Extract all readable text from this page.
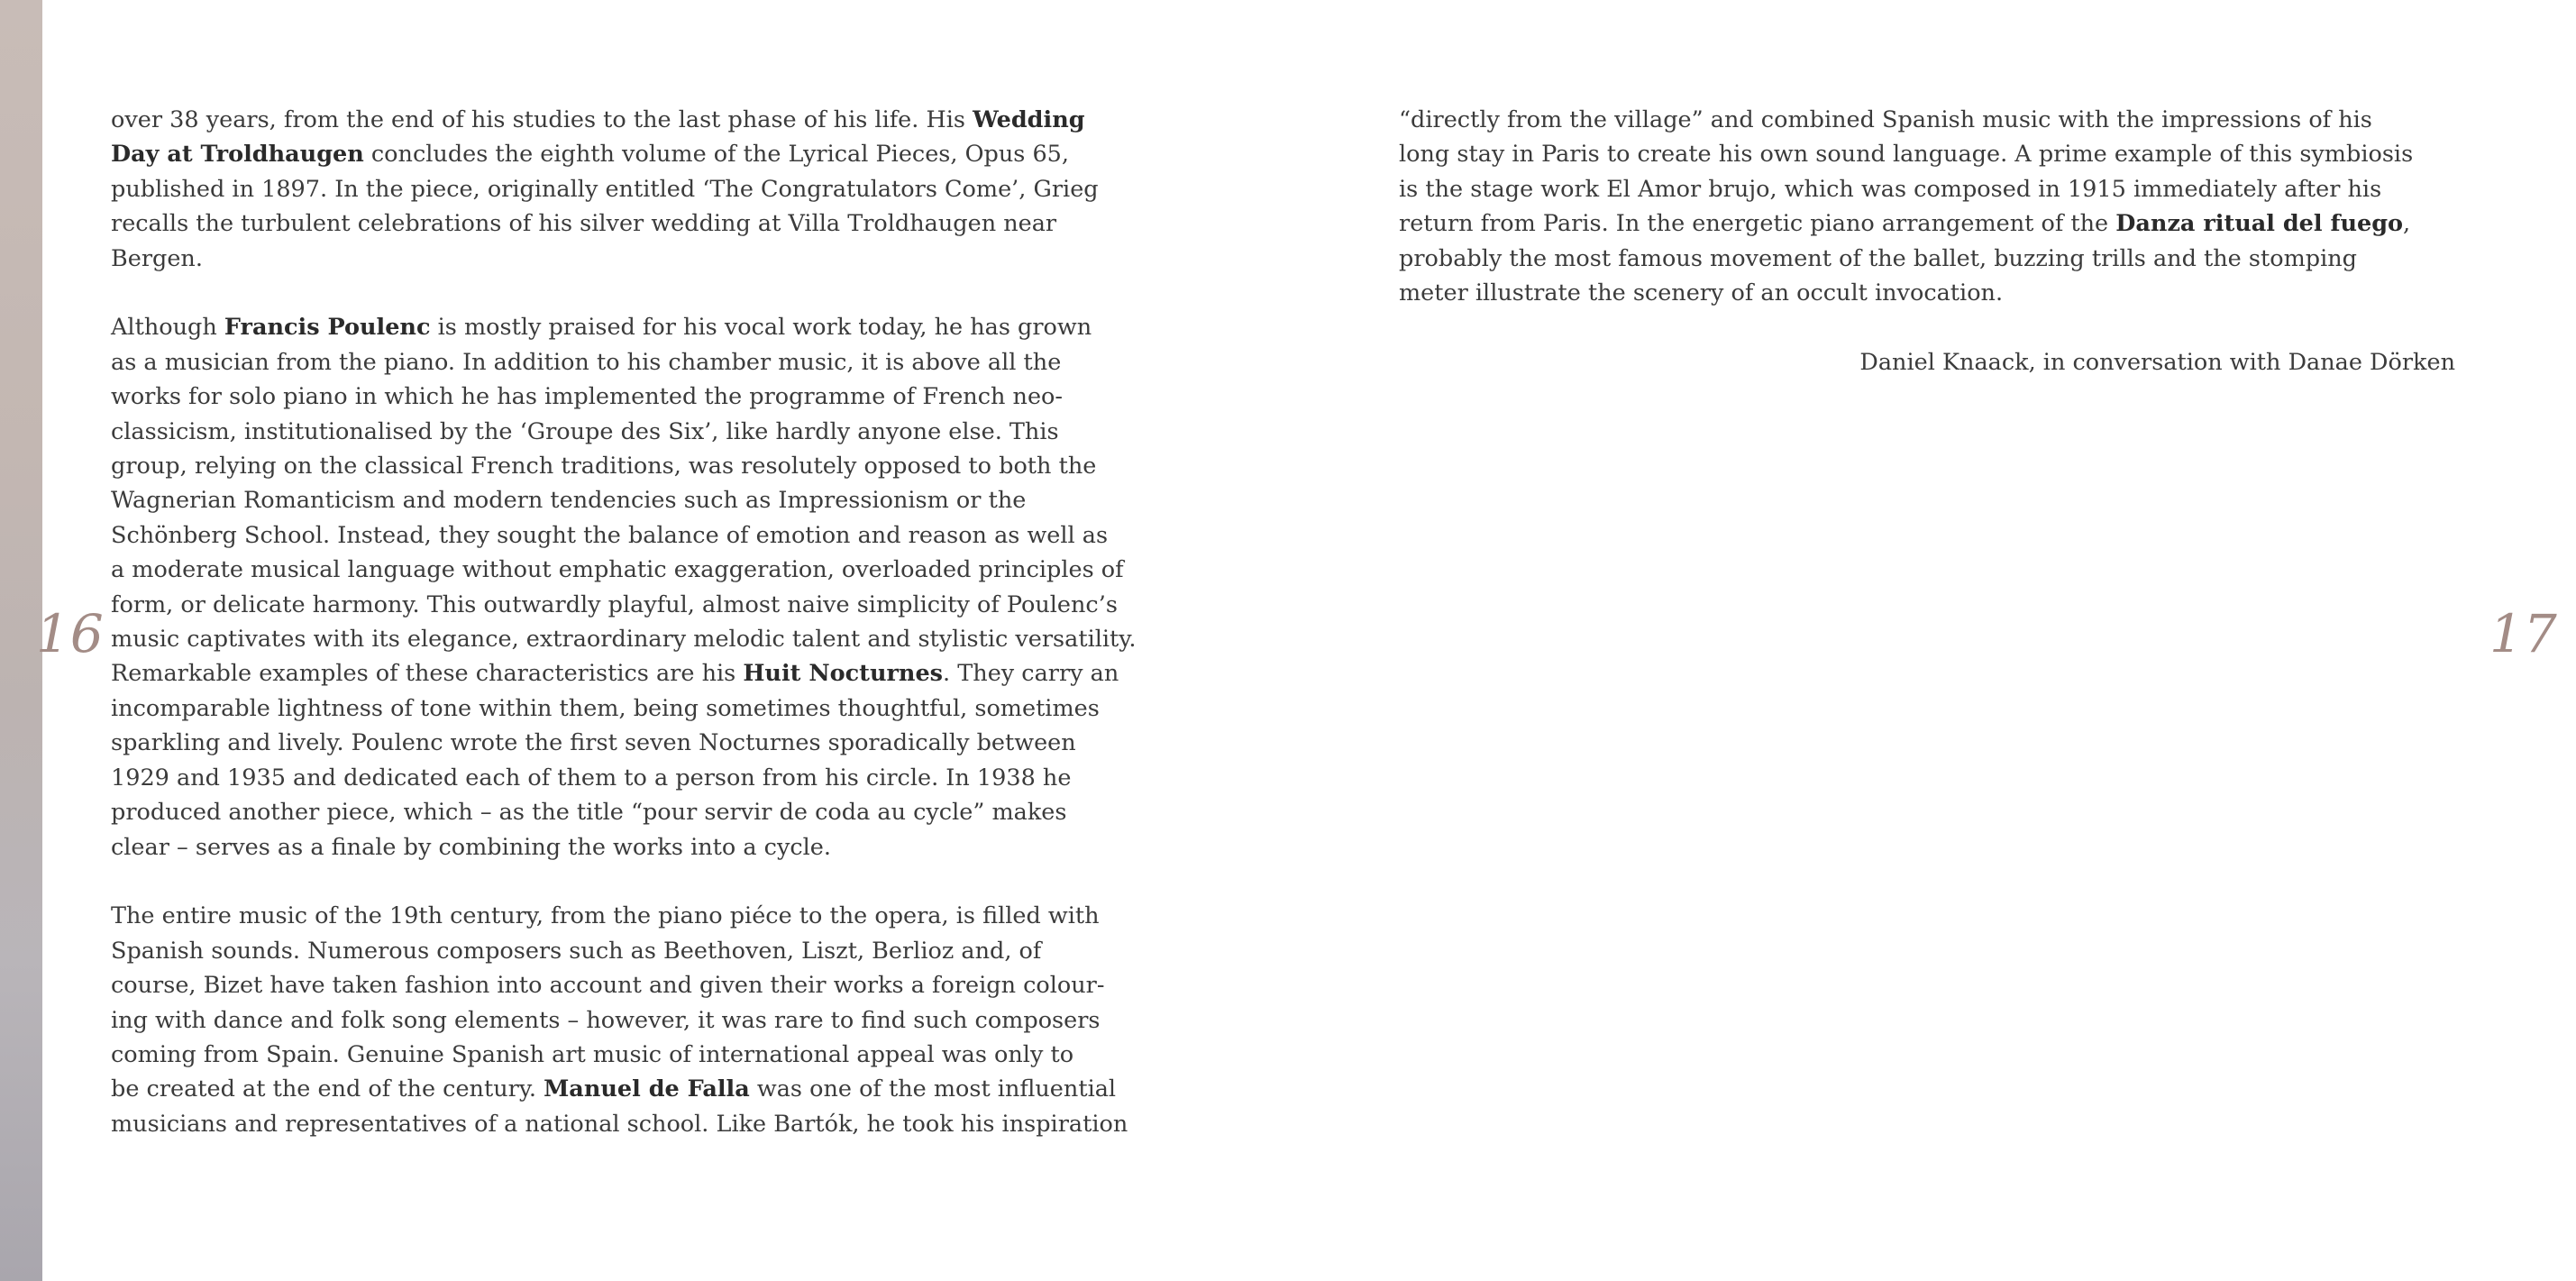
16	17

over 38 years, from the end of his studies to the last phase of his life. His Wedding
Day at Troldhaugen concludes the eighth volume of the Lyrical Pieces, Opus 65,
published in 1897. In the piece, originally entitled ‘The Congratulators Come’, Grieg
recalls the turbulent celebrations of his silver wedding at Villa Troldhaugen near
Bergen.

Although Francis Poulenc is mostly praised for his vocal work today, he has grown
as a musician from the piano. In addition to his chamber music, it is above all the
works for solo piano in which he has implemented the programme of French neo-
classicism, institutionalised by the ‘Groupe des Six’, like hardly anyone else. This
group, relying on the classical French traditions, was resolutely opposed to both the
Wagnerian Romanticism and modern tendencies such as Impressionism or the
Schönberg School. Instead, they sought the balance of emotion and reason as well as
a moderate musical language without emphatic exaggeration, overloaded principles of
form, or delicate harmony. This outwardly playful, almost naive simplicity of Poulenc’s
music captivates with its elegance, extraordinary melodic talent and stylistic versatility.
Remarkable examples of these characteristics are his Huit Nocturnes. They carry an
incomparable lightness of tone within them, being sometimes thoughtful, sometimes
sparkling and lively. Poulenc wrote the first seven Nocturnes sporadically between
1929 and 1935 and dedicated each of them to a person from his circle. In 1938 he
produced another piece, which – as the title “pour servir de coda au cycle” makes
clear – serves as a finale by combining the works into a cycle.

The entire music of the 19th century, from the piano piéce to the opera, is filled with
Spanish sounds. Numerous composers such as Beethoven, Liszt, Berlioz and, of
course, Bizet have taken fashion into account and given their works a foreign colour-
ing with dance and folk song elements – however, it was rare to find such composers
coming from Spain. Genuine Spanish art music of international appeal was only to
be created at the end of the century. Manuel de Falla was one of the most influential
musicians and representatives of a national school. Like Bartók, he took his inspiration

“directly from the village” and combined Spanish music with the impressions of his
long stay in Paris to create his own sound language. A prime example of this symbiosis
is the stage work El Amor brujo, which was composed in 1915 immediately after his
return from Paris. In the energetic piano arrangement of the Danza ritual del fuego,
probably the most famous movement of the ballet, buzzing trills and the stomping
meter illustrate the scenery of an occult invocation.

Daniel Knaack, in conversation with Danae Dörken
